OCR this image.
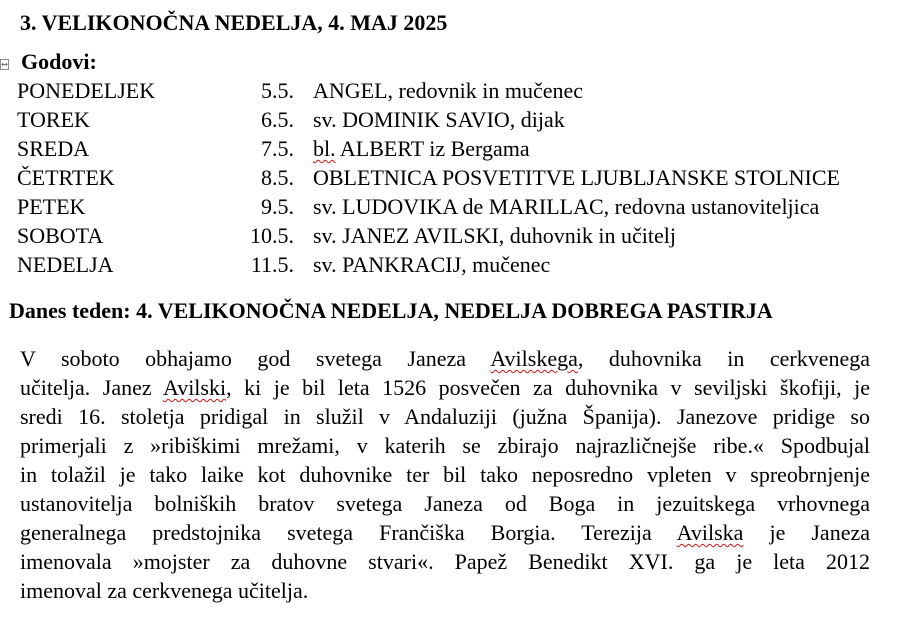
3. VELIKONOČNA NEDELJA, 4. MAJ 2025
↔ Godovi:
PONEDELJEK	5.5. ANGEL, redovnik in mučenec
TOREK	6.5. sv. DOMINIK SAVIO, dijak
SREDA	7.5. bl. ALBERT iz Bergama
ČETRTEK	8.5. OBLETNICA POSVETITVE LJUBLJANSKE STOLNICE
PETEK	9.5. sv. LUDOVIKA de MARILLAC, redovna ustanoviteljica
SOBOTA	10.5. sv. JANEZ AVILSKI, duhovnik in učitelj
NEDELJA	11.5. sv. PANKRACIJ, mučenec
Danes teden: 4. VELIKONOČNA NEDELJA, NEDELJA DOBREGA PASTIRJA
V soboto obhajamo god svetega Janeza Avilskega, duhovnika in cerkvenega
učitelja. Janez Avilski, ki je bil leta 1526 posvečen za duhovnika v seviljski škofiji, je
sredi 16. stoletja pridigal in služil v Andaluziji (južna Španija). Janezove pridige so
primerjali z »ribiškimi mrežami, v katerih se zbirajo najrazličnejše ribe.« Spodbujal
in tolažil je tako laike kot duhovnike ter bil tako neposredno vpleten v spreobrnjenje
ustanovitelja bolniških bratov svetega Janeza od Boga in jezuitskega vrhovnega
generalnega predstojnika svetega Frančiška Borgia. Terezija Avilska je Janeza
imenovala »mojster za duhovne stvari«. Papež Benedikt XVI. ga je leta 2012
imenoval za cerkvenega učitelja.
